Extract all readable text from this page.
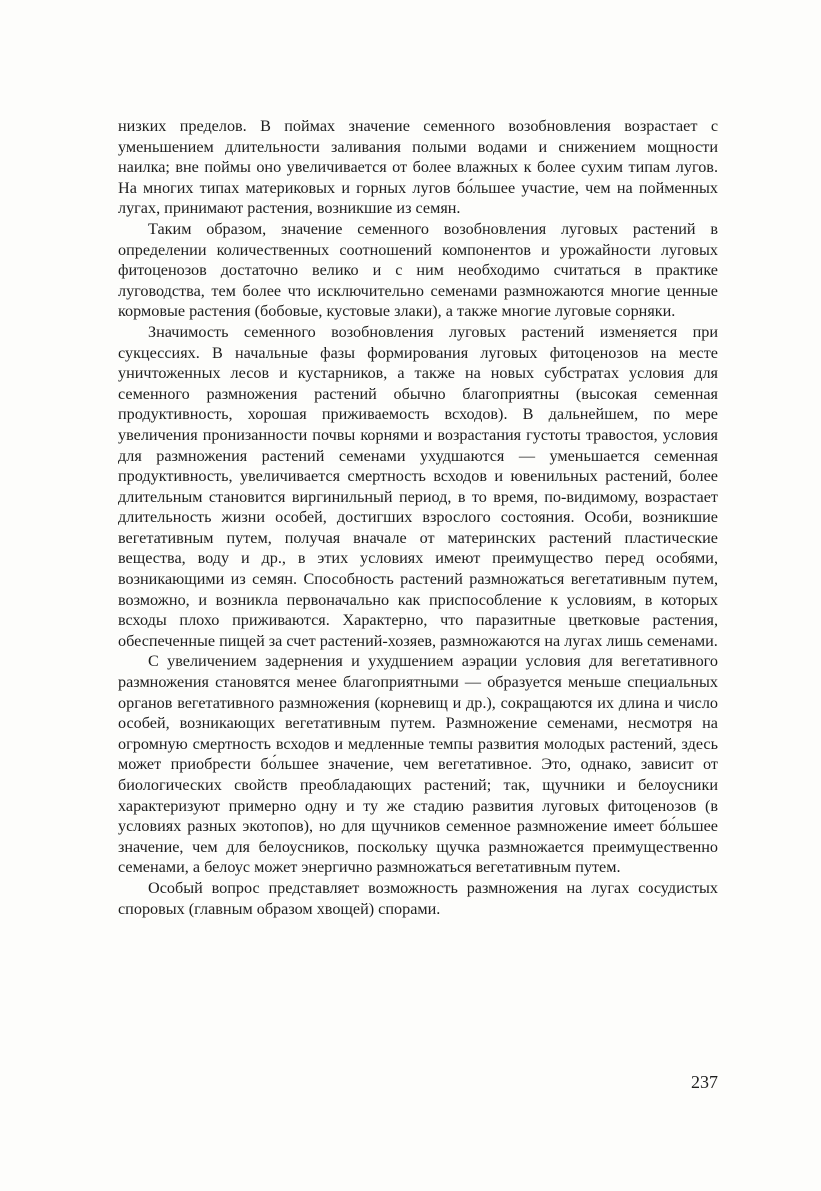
низких пределов. В поймах значение семенного возобновления возрастает с уменьшением длительности заливания полыми водами и снижением мощности наилка; вне поймы оно увеличивается от более влажных к более сухим типам лугов. На многих типах материковых и горных лугов бо́льшее участие, чем на пойменных лугах, принимают растения, возникшие из семян.

Таким образом, значение семенного возобновления луговых растений в определении количественных соотношений компонентов и урожайности луговых фитоценозов достаточно велико и с ним необходимо считаться в практике луговодства, тем более что исключительно семенами размножаются многие ценные кормовые растения (бобовые, кустовые злаки), а также многие луговые сорняки.

Значимость семенного возобновления луговых растений изменяется при сукцессиях. В начальные фазы формирования луговых фитоценозов на месте уничтоженных лесов и кустарников, а также на новых субстратах условия для семенного размножения растений обычно благоприятны (высокая семенная продуктивность, хорошая приживаемость всходов). В дальнейшем, по мере увеличения пронизанности почвы корнями и возрастания густоты травостоя, условия для размножения растений семенами ухудшаются — уменьшается семенная продуктивность, увеличивается смертность всходов и ювенильных растений, более длительным становится виргинильный период, в то время, по-видимому, возрастает длительность жизни особей, достигших взрослого состояния. Особи, возникшие вегетативным путем, получая вначале от материнских растений пластические вещества, воду и др., в этих условиях имеют преимущество перед особями, возникающими из семян. Способность растений размножаться вегетативным путем, возможно, и возникла первоначально как приспособление к условиям, в которых всходы плохо приживаются. Характерно, что паразитные цветковые растения, обеспеченные пищей за счет растений-хозяев, размножаются на лугах лишь семенами.

С увеличением задернения и ухудшением аэрации условия для вегетативного размножения становятся менее благоприятными — образуется меньше специальных органов вегетативного размножения (корневищ и др.), сокращаются их длина и число особей, возникающих вегетативным путем. Размножение семенами, несмотря на огромную смертность всходов и медленные темпы развития молодых растений, здесь может приобрести бо́льшее значение, чем вегетативное. Это, однако, зависит от биологических свойств преобладающих растений; так, щучники и белоусники характеризуют примерно одну и ту же стадию развития луговых фитоценозов (в условиях разных экотопов), но для щучников семенное размножение имеет бо́льшее значение, чем для белоусников, поскольку щучка размножается преимущественно семенами, а белоус может энергично размножаться вегетативным путем.

Особый вопрос представляет возможность размножения на лугах сосудистых споровых (главным образом хвощей) спорами.

237
